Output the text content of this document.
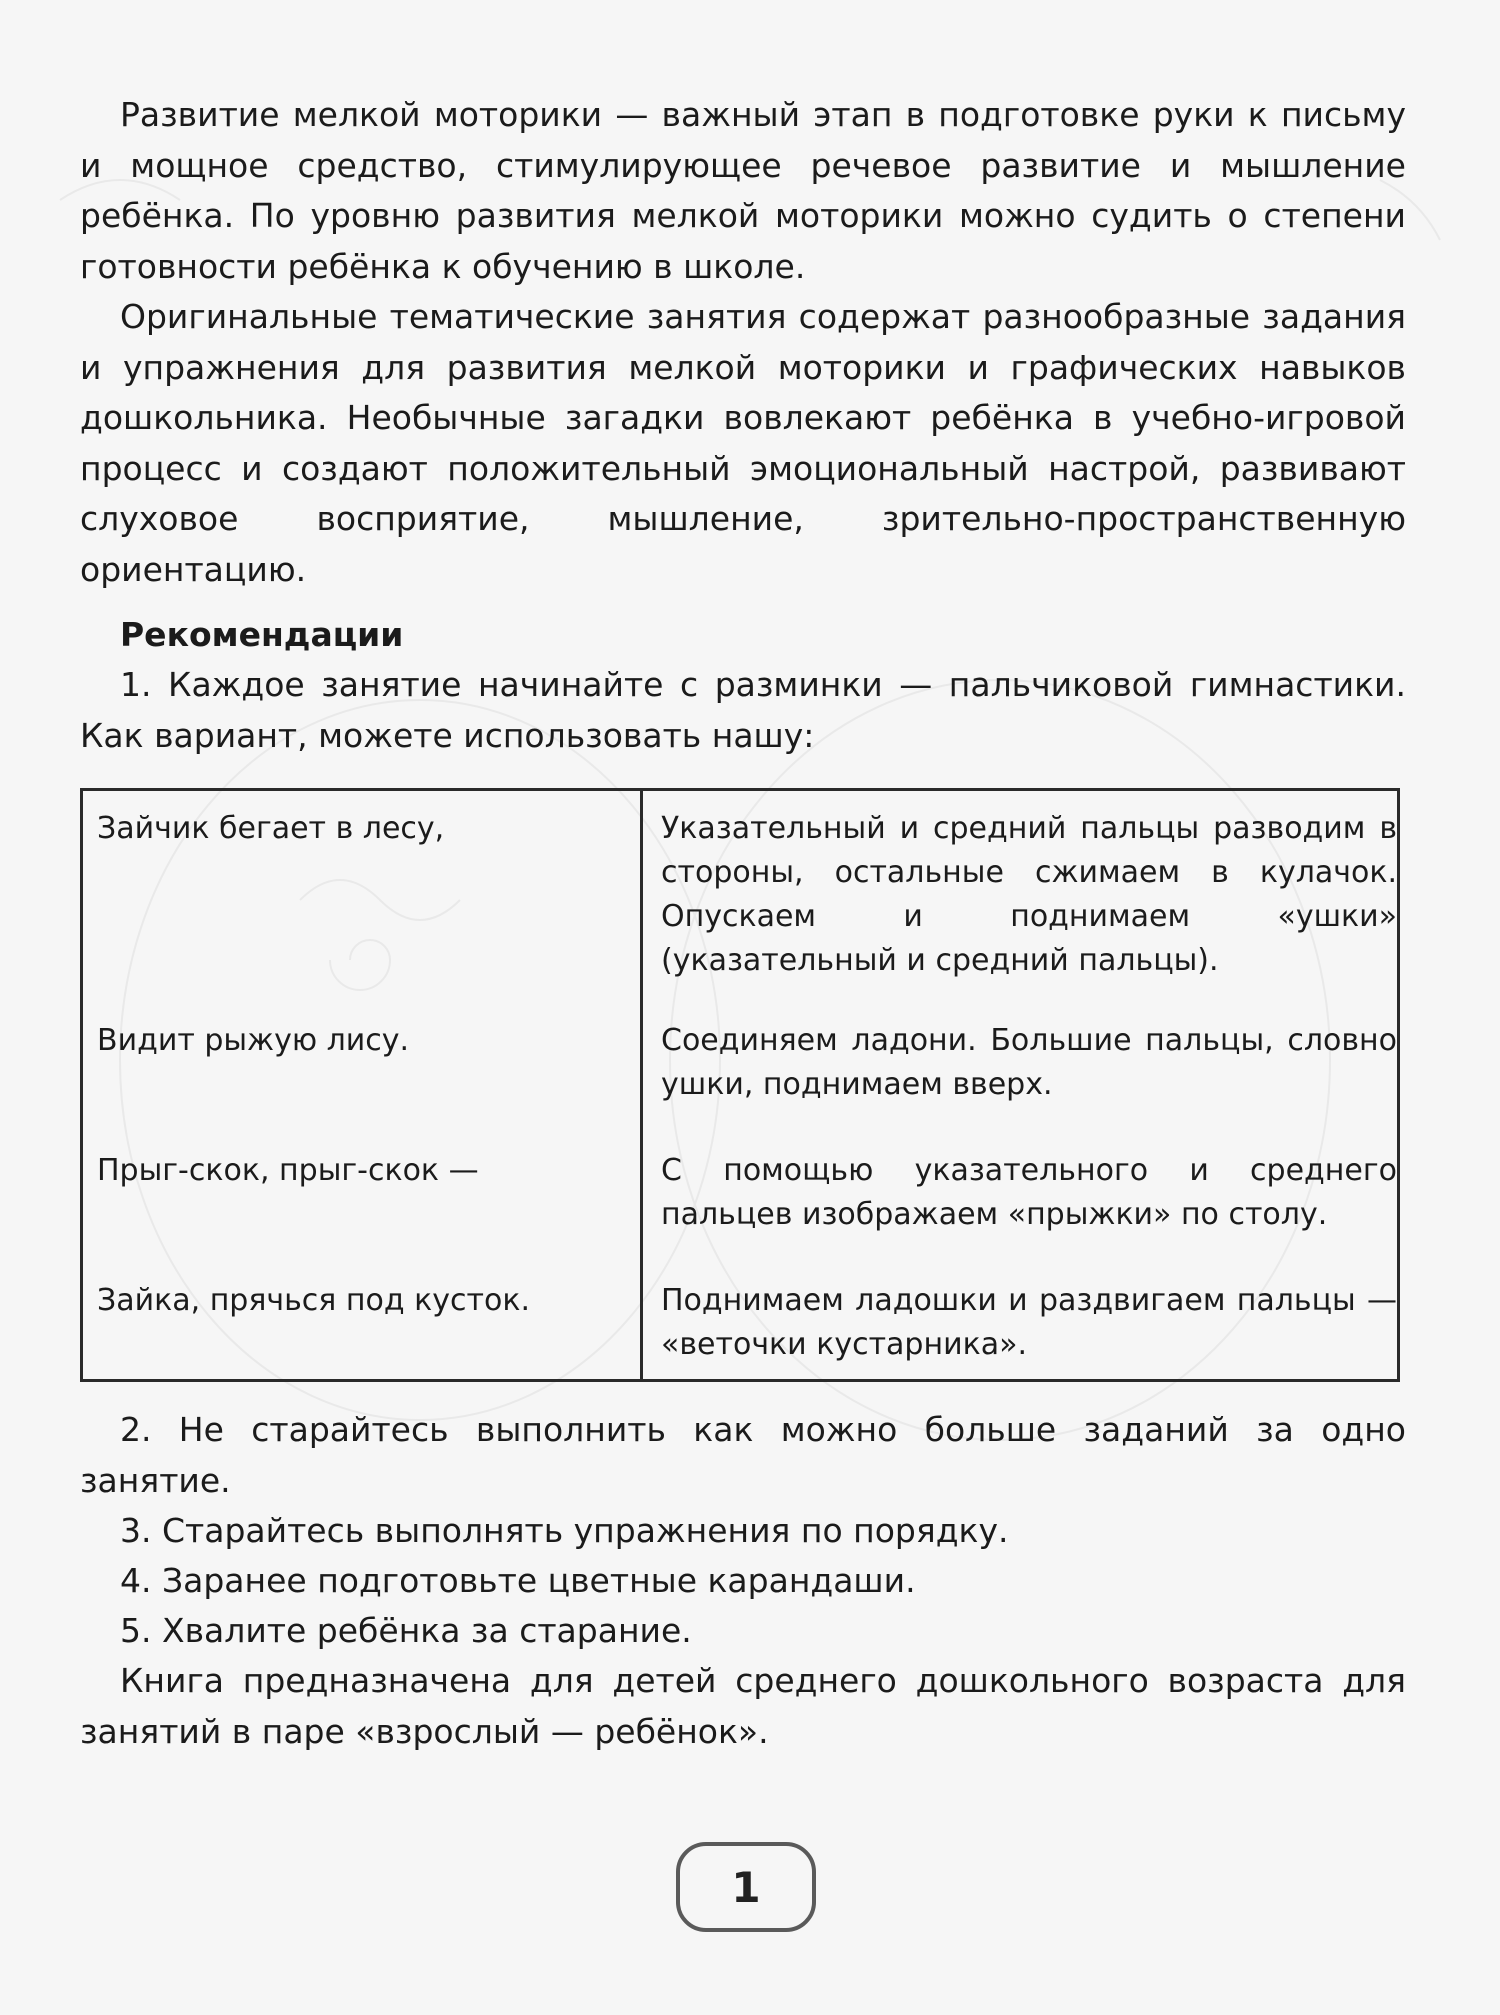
Развитие мелкой моторики — важный этап в подготовке руки к письму и мощное средство, стимулирующее речевое развитие и мышление ребёнка. По уровню развития мелкой моторики можно судить о степени готовности ребёнка к обучению в школе.

Оригинальные тематические занятия содержат разнообразные задания и упражнения для развития мелкой моторики и графических навыков дошкольника. Необычные загадки вовлекают ребёнка в учебно-игровой процесс и создают положительный эмоциональный настрой, развивают слуховое восприятие, мышление, зрительно-пространственную ориентацию.

Рекомендации

1. Каждое занятие начинайте с разминки — пальчиковой гимнастики. Как вариант, можете использовать нашу:

Зайчик бегает в лесу,

Видит рыжую лису.

Прыг-скок, прыг-скок —

Зайка, прячься под кусток.

Указательный и средний пальцы разводим в стороны, остальные сжимаем в кулачок. Опускаем и поднимаем «ушки» (указательный и средний пальцы).

Соединяем ладони. Большие пальцы, словно ушки, поднимаем вверх.

С помощью указательного и среднего пальцев изображаем «прыжки» по столу.

Поднимаем ладошки и раздвигаем пальцы — «веточки кустарника».

2. Не старайтесь выполнить как можно больше заданий за одно занятие.

3. Старайтесь выполнять упражнения по порядку.

4. Заранее подготовьте цветные карандаши.

5. Хвалите ребёнка за старание.

Книга предназначена для детей среднего дошкольного возраста для занятий в паре «взрослый — ребёнок».

1
